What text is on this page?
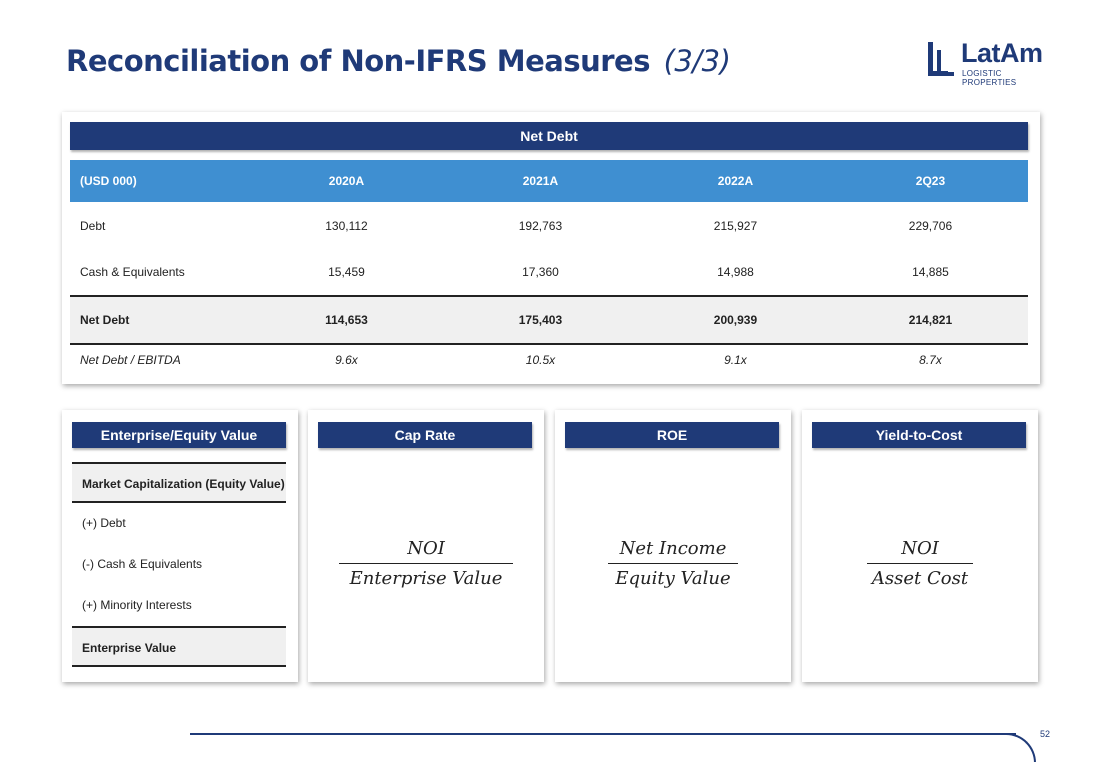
Reconciliation of Non-IFRS Measures (3/3)	LatAm
LOGISTIC PROPERTIES
Net Debt
(USD 000)	2020A	2021A	2022A	2Q23
Debt	130,112	192,763	215,927	229,706
Cash & Equivalents	15,459	17,360	14,988	14,885
Net Debt	114,653	175,403	200,939	214,821
Net Debt / EBITDA	9.6x	10.5x	9.1x	8.7x
Enterprise/Equity Value
Market Capitalization (Equity Value)
(+) Debt
(-) Cash & Equivalents
(+) Minority Interests
Enterprise Value
Cap Rate
NOI
Enterprise Value
ROE
Net Income
Equity Value
Yield-to-Cost
NOI
Asset Cost
52
